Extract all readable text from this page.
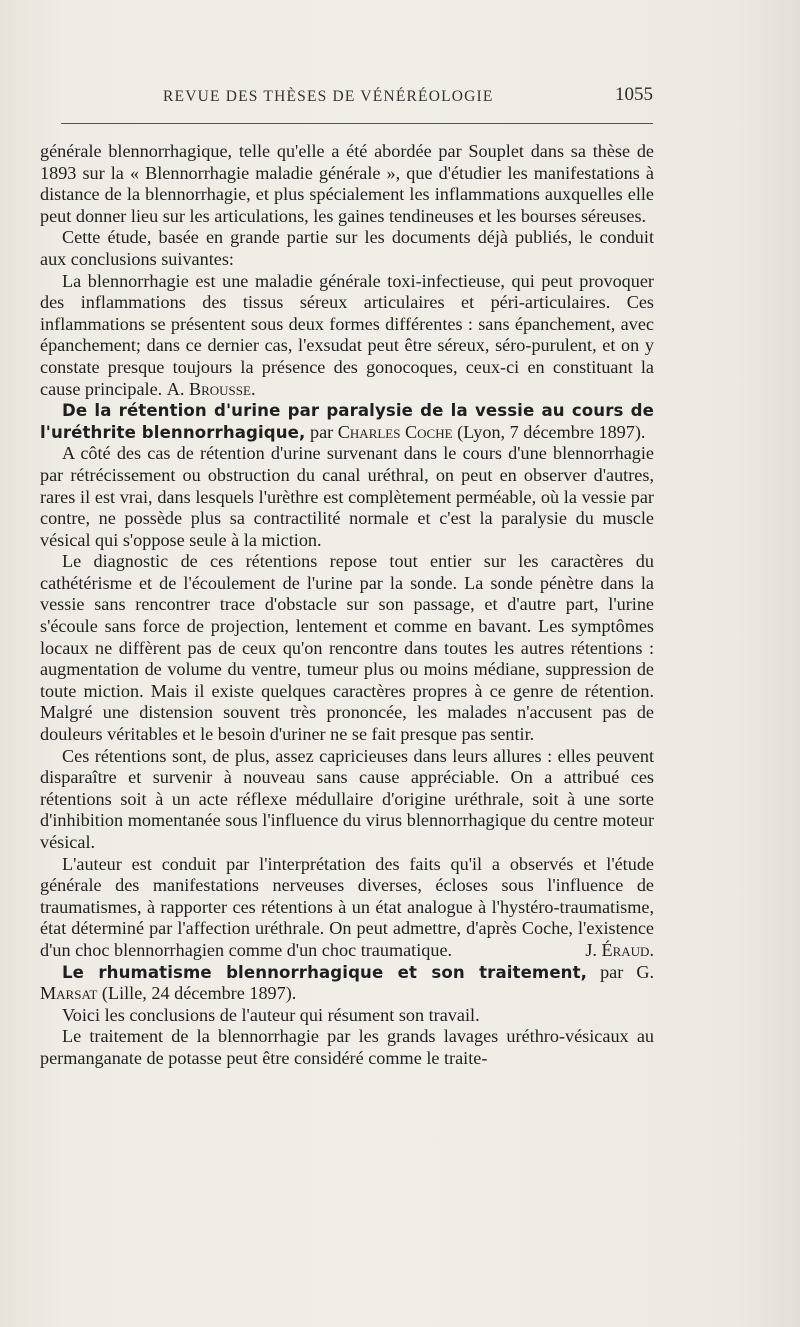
REVUE DES THÈSES DE VÉNÉRÉOLOGIE	1055

générale blennorrhagique, telle qu'elle a été abordée par Souplet dans sa thèse de 1893 sur la « Blennorrhagie maladie générale », que d'étudier les manifestations à distance de la blennorrhagie, et plus spécialement les inflammations auxquelles elle peut donner lieu sur les articulations, les gaines tendineuses et les bourses séreuses.

Cette étude, basée en grande partie sur les documents déjà publiés, le conduit aux conclusions suivantes:

La blennorrhagie est une maladie générale toxi-infectieuse, qui peut provoquer des inflammations des tissus séreux articulaires et péri-articulaires. Ces inflammations se présentent sous deux formes différentes : sans épanchement, avec épanchement; dans ce dernier cas, l'exsudat peut être séreux, séro-purulent, et on y constate presque toujours la présence des gonocoques, ceux-ci en constituant la cause principale. A. Brousse.

De la rétention d'urine par paralysie de la vessie au cours de l'uréthrite blennorrhagique, par Charles Coche (Lyon, 7 décembre 1897).

A côté des cas de rétention d'urine survenant dans le cours d'une blennorrhagie par rétrécissement ou obstruction du canal uréthral, on peut en observer d'autres, rares il est vrai, dans lesquels l'urèthre est complètement perméable, où la vessie par contre, ne possède plus sa contractilité normale et c'est la paralysie du muscle vésical qui s'oppose seule à la miction.

Le diagnostic de ces rétentions repose tout entier sur les caractères du cathétérisme et de l'écoulement de l'urine par la sonde. La sonde pénètre dans la vessie sans rencontrer trace d'obstacle sur son passage, et d'autre part, l'urine s'écoule sans force de projection, lentement et comme en bavant. Les symptômes locaux ne diffèrent pas de ceux qu'on rencontre dans toutes les autres rétentions : augmentation de volume du ventre, tumeur plus ou moins médiane, suppression de toute miction. Mais il existe quelques caractères propres à ce genre de rétention. Malgré une distension souvent très prononcée, les malades n'accusent pas de douleurs véritables et le besoin d'uriner ne se fait presque pas sentir.

Ces rétentions sont, de plus, assez capricieuses dans leurs allures : elles peuvent disparaître et survenir à nouveau sans cause appréciable. On a attribué ces rétentions soit à un acte réflexe médullaire d'origine uréthrale, soit à une sorte d'inhibition momentanée sous l'influence du virus blennorrhagique du centre moteur vésical.

L'auteur est conduit par l'interprétation des faits qu'il a observés et l'étude générale des manifestations nerveuses diverses, écloses sous l'influence de traumatismes, à rapporter ces rétentions à un état analogue à l'hystéro-traumatisme, état déterminé par l'affection uréthrale. On peut admettre, d'après Coche, l'existence d'un choc blennorrhagien comme d'un choc traumatique.	J. Éraud.

Le rhumatisme blennorrhagique et son traitement, par G. Marsat (Lille, 24 décembre 1897).

Voici les conclusions de l'auteur qui résument son travail.

Le traitement de la blennorrhagie par les grands lavages uréthro-vésicaux au permanganate de potasse peut être considéré comme le traite-
